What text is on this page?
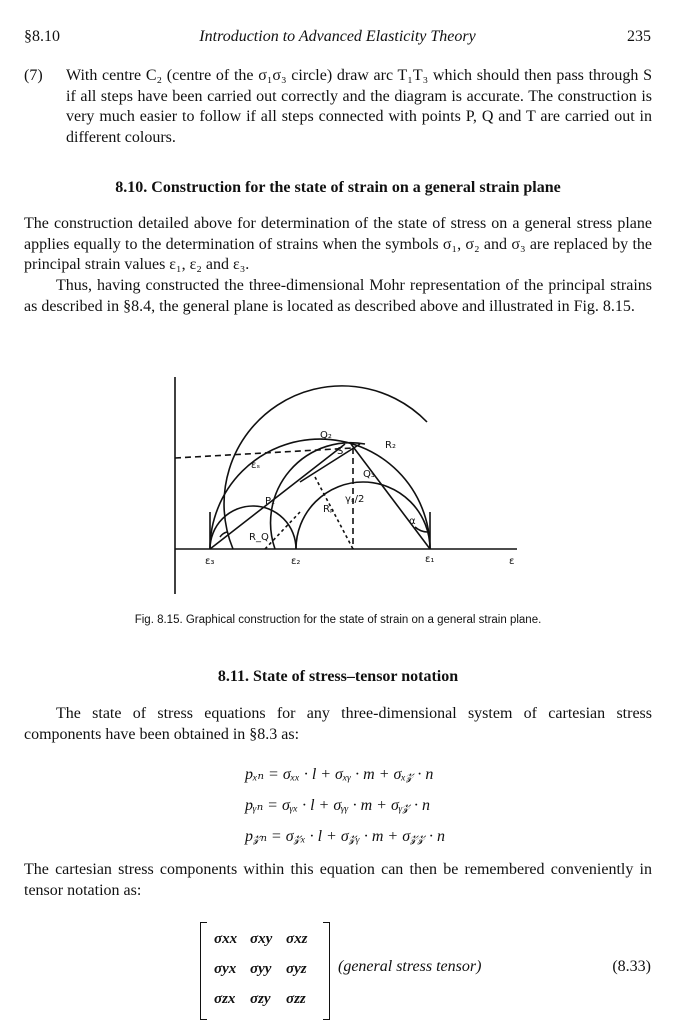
§8.10	Introduction to Advanced Elasticity Theory	235
(7) With centre C₂ (centre of the σ₁σ₃ circle) draw arc T₁T₃ which should then pass through S if all steps have been carried out correctly and the diagram is accurate. The construction is very much easier to follow if all steps connected with points P, Q and T are carried out in different colours.
8.10. Construction for the state of strain on a general strain plane
The construction detailed above for determination of the state of stress on a general stress plane applies equally to the determination of strains when the symbols σ₁, σ₂ and σ₃ are replaced by the principal strain values ε₁, ε₂ and ε₃.
Thus, having constructed the three-dimensional Mohr representation of the principal strains as described in §8.4, the general plane is located as described above and illustrated in Fig. 8.15.
Q₂
R₂
Q₃
S
εₛ
P₁
Rₚ
γₛ/2
α
R_Q
ε₃	ε₂	ε₁	ε
Fig. 8.15. Graphical construction for the state of strain on a general strain plane.
8.11. State of stress–tensor notation
The state of stress equations for any three-dimensional system of cartesian stress components have been obtained in §8.3 as:
pₓₙ = σₓₓ · l + σₓᵧ · m + σₓ𝓏 · n
pᵧₙ = σᵧₓ · l + σᵧᵧ · m + σᵧ𝓏 · n
p𝓏ₙ = σ𝓏ₓ · l + σ𝓏ᵧ · m + σ𝓏𝓏 · n
The cartesian stress components within this equation can then be remembered conveniently in tensor notation as:
σxx	σxy	σxz
σyx	σyy	σyz
σzx	σzy	σzz
(general stress tensor)	(8.33)
